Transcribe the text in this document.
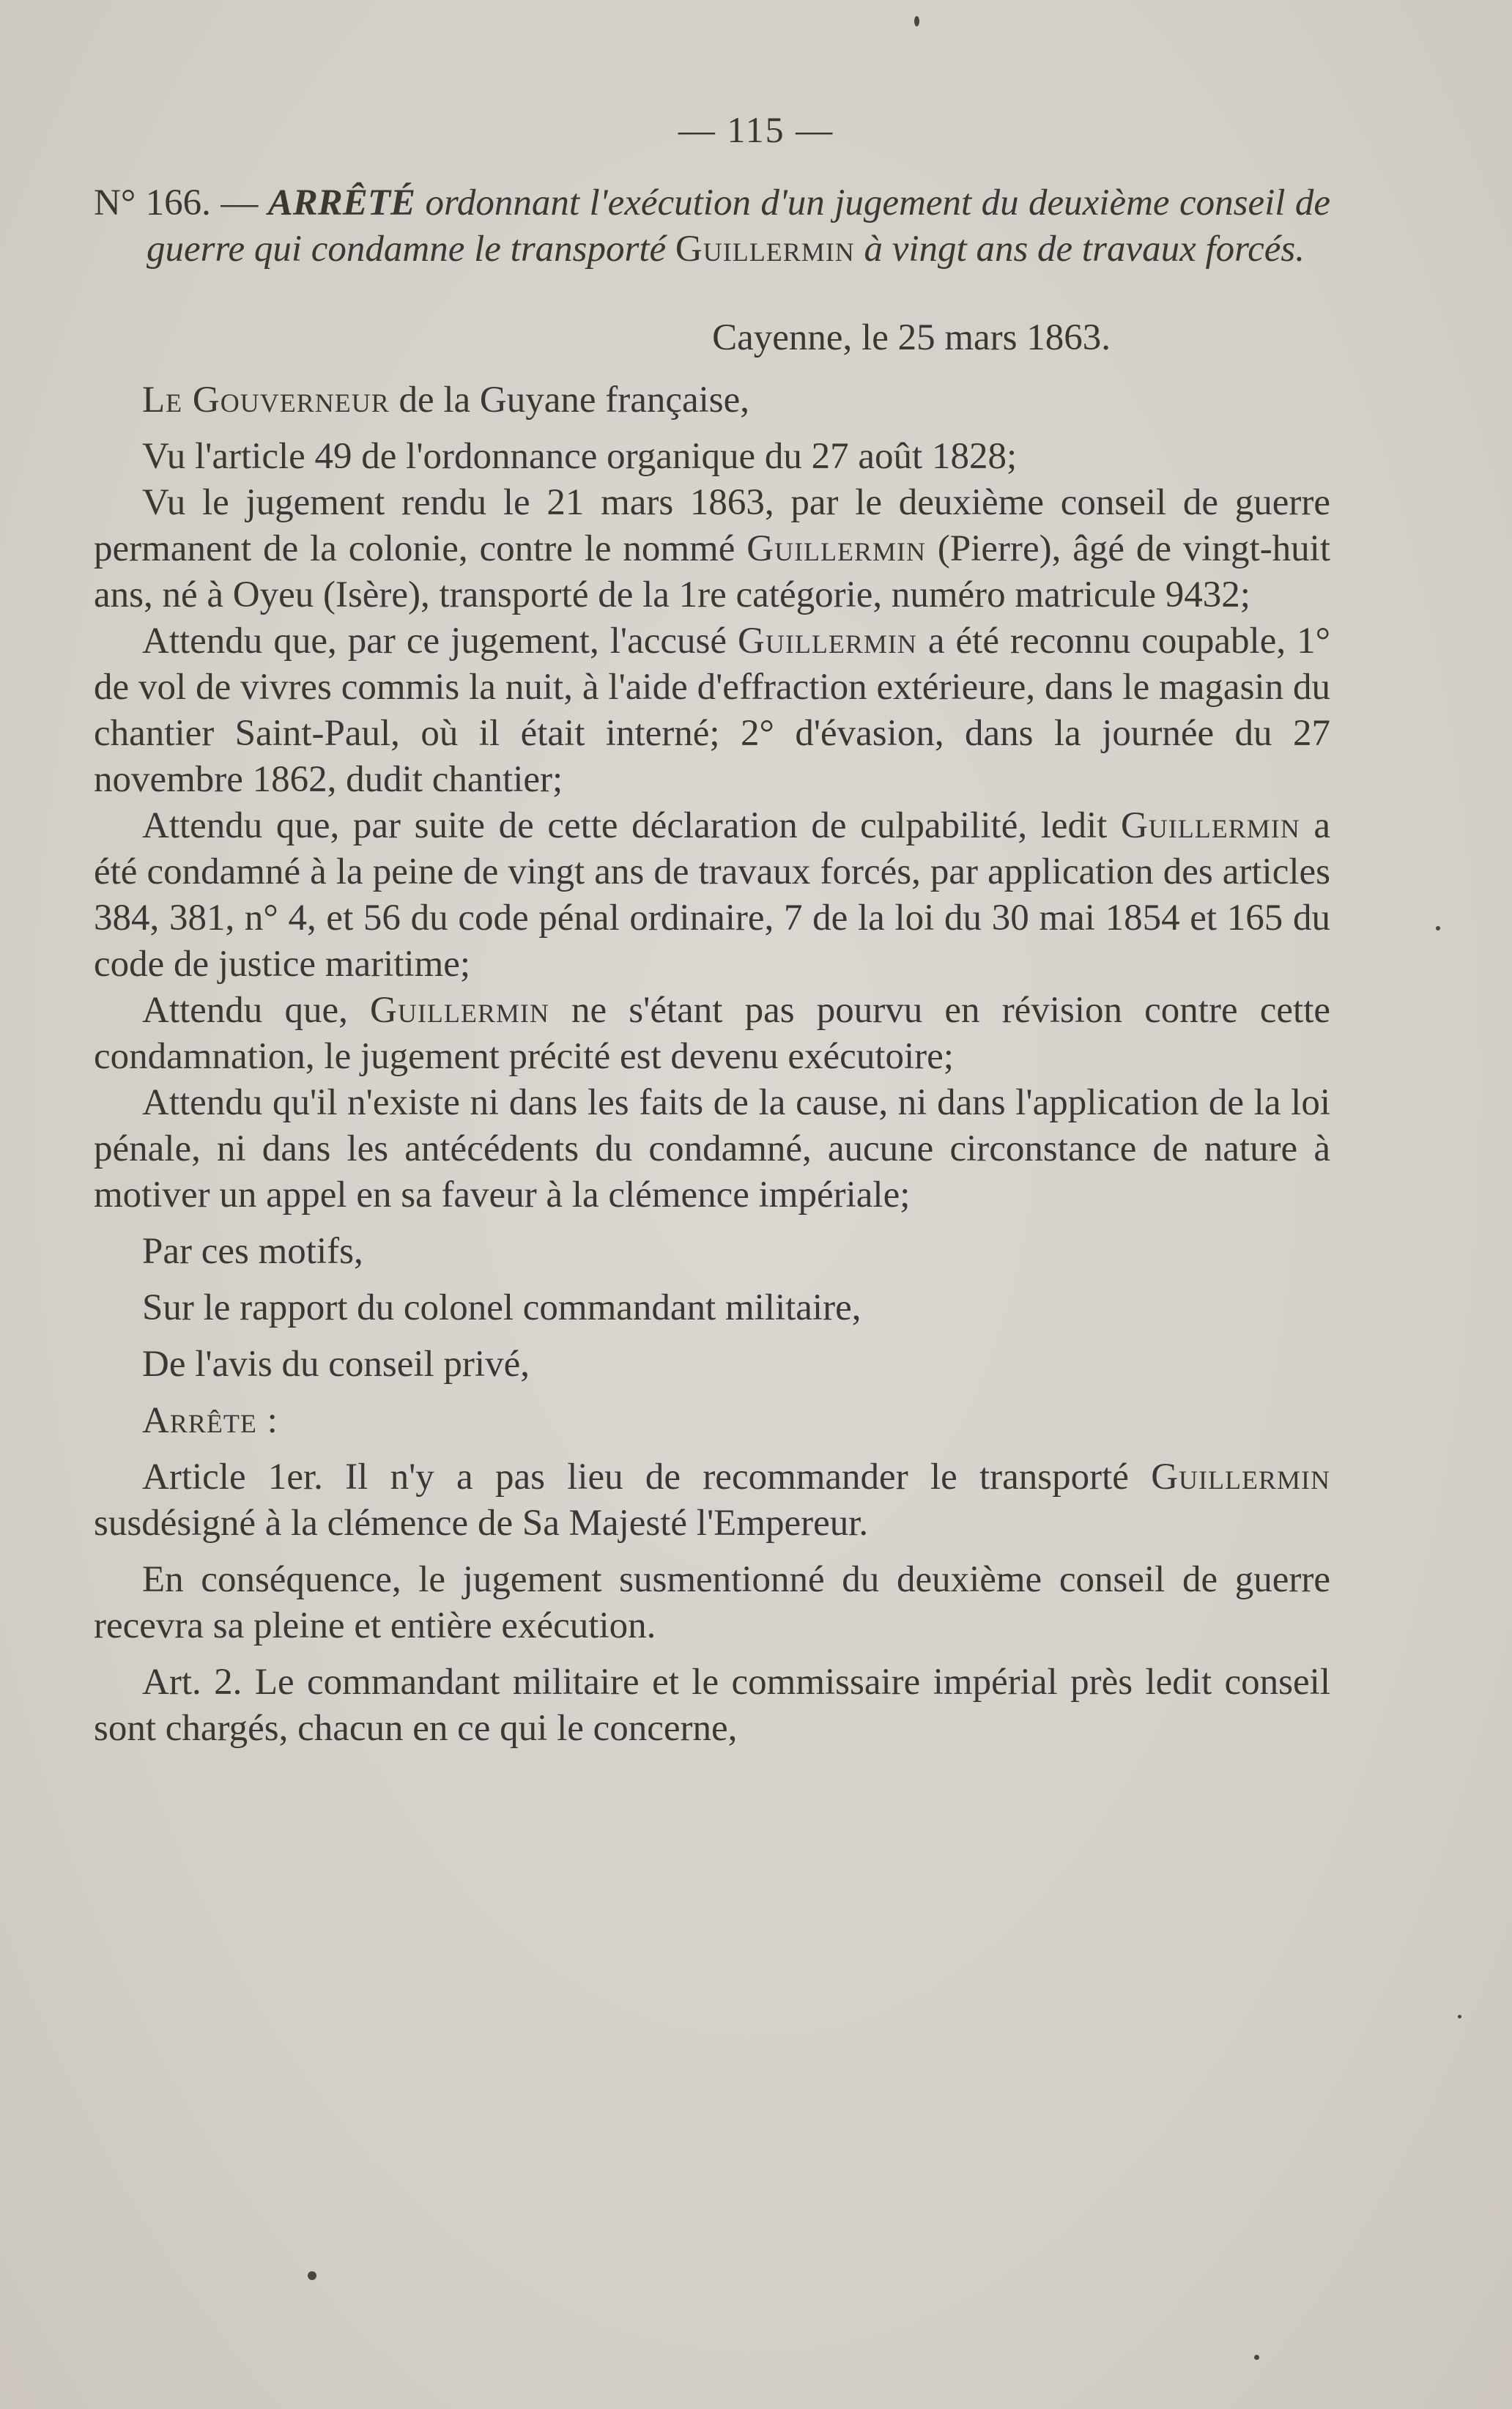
— 115 —

N° 166. — ARRÊTÉ ordonnant l'exécution d'un jugement du deuxième conseil de guerre qui condamne le transporté Guillermin à vingt ans de travaux forcés.

Cayenne, le 25 mars 1863.

Le Gouverneur de la Guyane française,

Vu l'article 49 de l'ordonnance organique du 27 août 1828;

Vu le jugement rendu le 21 mars 1863, par le deuxième conseil de guerre permanent de la colonie, contre le nommé Guillermin (Pierre), âgé de vingt-huit ans, né à Oyeu (Isère), transporté de la 1re catégorie, numéro matricule 9432;

Attendu que, par ce jugement, l'accusé Guillermin a été reconnu coupable, 1° de vol de vivres commis la nuit, à l'aide d'effraction extérieure, dans le magasin du chantier Saint-Paul, où il était interné; 2° d'évasion, dans la journée du 27 novembre 1862, dudit chantier;

Attendu que, par suite de cette déclaration de culpabilité, ledit Guillermin a été condamné à la peine de vingt ans de travaux forcés, par application des articles 384, 381, n° 4, et 56 du code pénal ordinaire, 7 de la loi du 30 mai 1854 et 165 du code de justice maritime;

Attendu que, Guillermin ne s'étant pas pourvu en révision contre cette condamnation, le jugement précité est devenu exécutoire;

Attendu qu'il n'existe ni dans les faits de la cause, ni dans l'application de la loi pénale, ni dans les antécédents du condamné, aucune circonstance de nature à motiver un appel en sa faveur à la clémence impériale;

Par ces motifs,

Sur le rapport du colonel commandant militaire,

De l'avis du conseil privé,

Arrête :

Article 1er. Il n'y a pas lieu de recommander le transporté Guillermin susdésigné à la clémence de Sa Majesté l'Empereur.

En conséquence, le jugement susmentionné du deuxième conseil de guerre recevra sa pleine et entière exécution.

Art. 2. Le commandant militaire et le commissaire impérial près ledit conseil sont chargés, chacun en ce qui le concerne,
